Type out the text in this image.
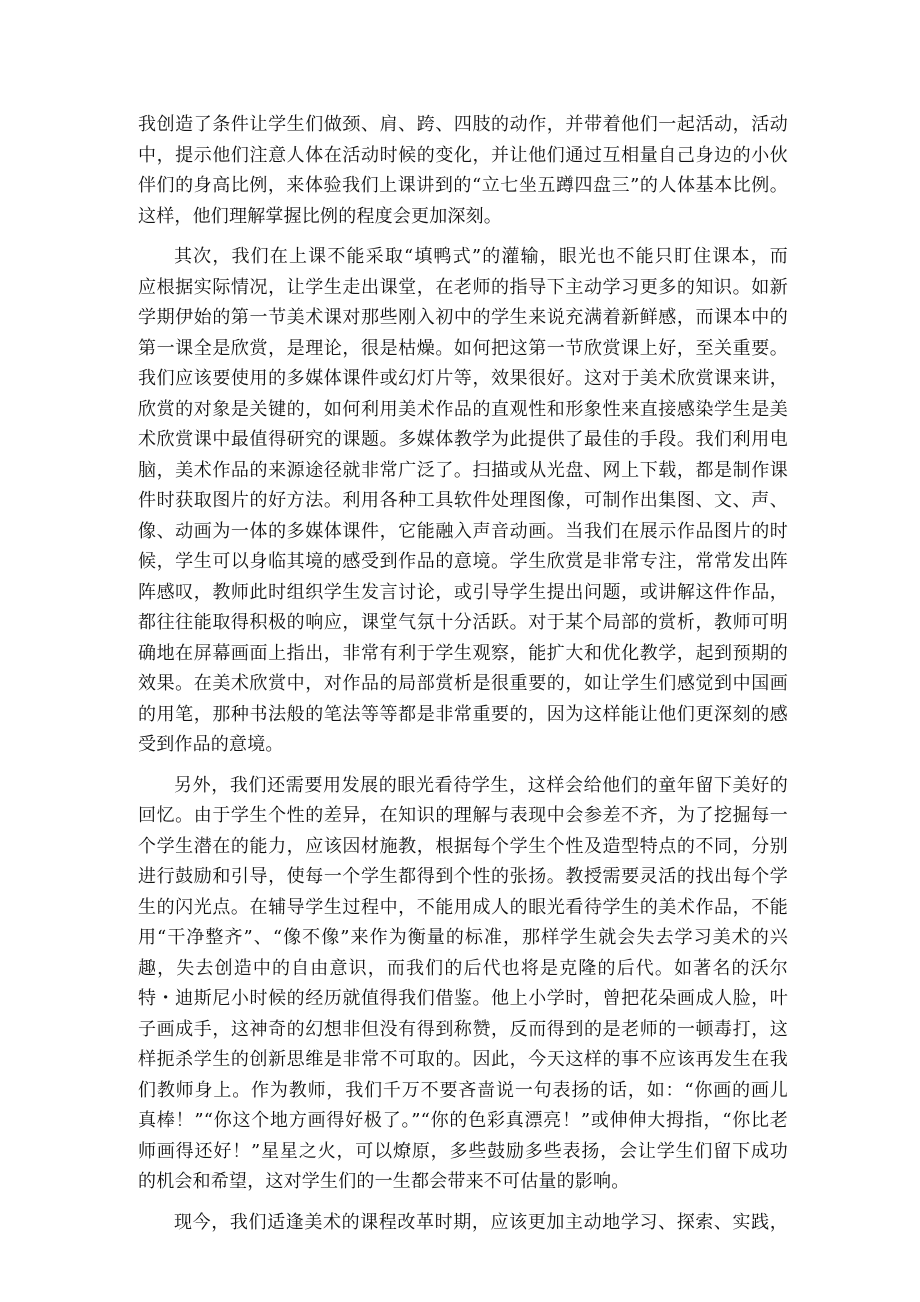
我创造了条件让学生们做颈、肩、跨、四肢的动作，并带着他们一起活动，活动
中，提示他们注意人体在活动时候的变化，并让他们通过互相量自己身边的小伙
伴们的身高比例，来体验我们上课讲到的“立七坐五蹲四盘三”的人体基本比例。
这样，他们理解掌握比例的程度会更加深刻。
其次，我们在上课不能采取“填鸭式”的灌输，眼光也不能只盯住课本，而
应根据实际情况，让学生走出课堂，在老师的指导下主动学习更多的知识。如新
学期伊始的第一节美术课对那些刚入初中的学生来说充满着新鲜感，而课本中的
第一课全是欣赏，是理论，很是枯燥。如何把这第一节欣赏课上好，至关重要。
我们应该要使用的多媒体课件或幻灯片等，效果很好。这对于美术欣赏课来讲，
欣赏的对象是关键的，如何利用美术作品的直观性和形象性来直接感染学生是美
术欣赏课中最值得研究的课题。多媒体教学为此提供了最佳的手段。我们利用电
脑，美术作品的来源途径就非常广泛了。扫描或从光盘、网上下载，都是制作课
件时获取图片的好方法。利用各种工具软件处理图像，可制作出集图、文、声、
像、动画为一体的多媒体课件，它能融入声音动画。当我们在展示作品图片的时
候，学生可以身临其境的感受到作品的意境。学生欣赏是非常专注，常常发出阵
阵感叹，教师此时组织学生发言讨论，或引导学生提出问题，或讲解这件作品，
都往往能取得积极的响应，课堂气氛十分活跃。对于某个局部的赏析，教师可明
确地在屏幕画面上指出，非常有利于学生观察，能扩大和优化教学，起到预期的
效果。在美术欣赏中，对作品的局部赏析是很重要的，如让学生们感觉到中国画
的用笔，那种书法般的笔法等等都是非常重要的，因为这样能让他们更深刻的感
受到作品的意境。
另外，我们还需要用发展的眼光看待学生，这样会给他们的童年留下美好的
回忆。由于学生个性的差异，在知识的理解与表现中会参差不齐，为了挖掘每一
个学生潜在的能力，应该因材施教，根据每个学生个性及造型特点的不同，分别
进行鼓励和引导，使每一个学生都得到个性的张扬。教授需要灵活的找出每个学
生的闪光点。在辅导学生过程中，不能用成人的眼光看待学生的美术作品，不能
用“干净整齐”、“像不像”来作为衡量的标准，那样学生就会失去学习美术的兴
趣，失去创造中的自由意识，而我们的后代也将是克隆的后代。如著名的沃尔
特・迪斯尼小时候的经历就值得我们借鉴。他上小学时，曾把花朵画成人脸，叶
子画成手，这神奇的幻想非但没有得到称赞，反而得到的是老师的一顿毒打，这
样扼杀学生的创新思维是非常不可取的。因此，今天这样的事不应该再发生在我
们教师身上。作为教师，我们千万不要吝啬说一句表扬的话，如：“你画的画儿
真棒！”“你这个地方画得好极了。”“你的色彩真漂亮！”或伸伸大拇指，“你比老
师画得还好！”星星之火，可以燎原，多些鼓励多些表扬，会让学生们留下成功
的机会和希望，这对学生们的一生都会带来不可估量的影响。
现今，我们适逢美术的课程改革时期，应该更加主动地学习、探索、实践，
